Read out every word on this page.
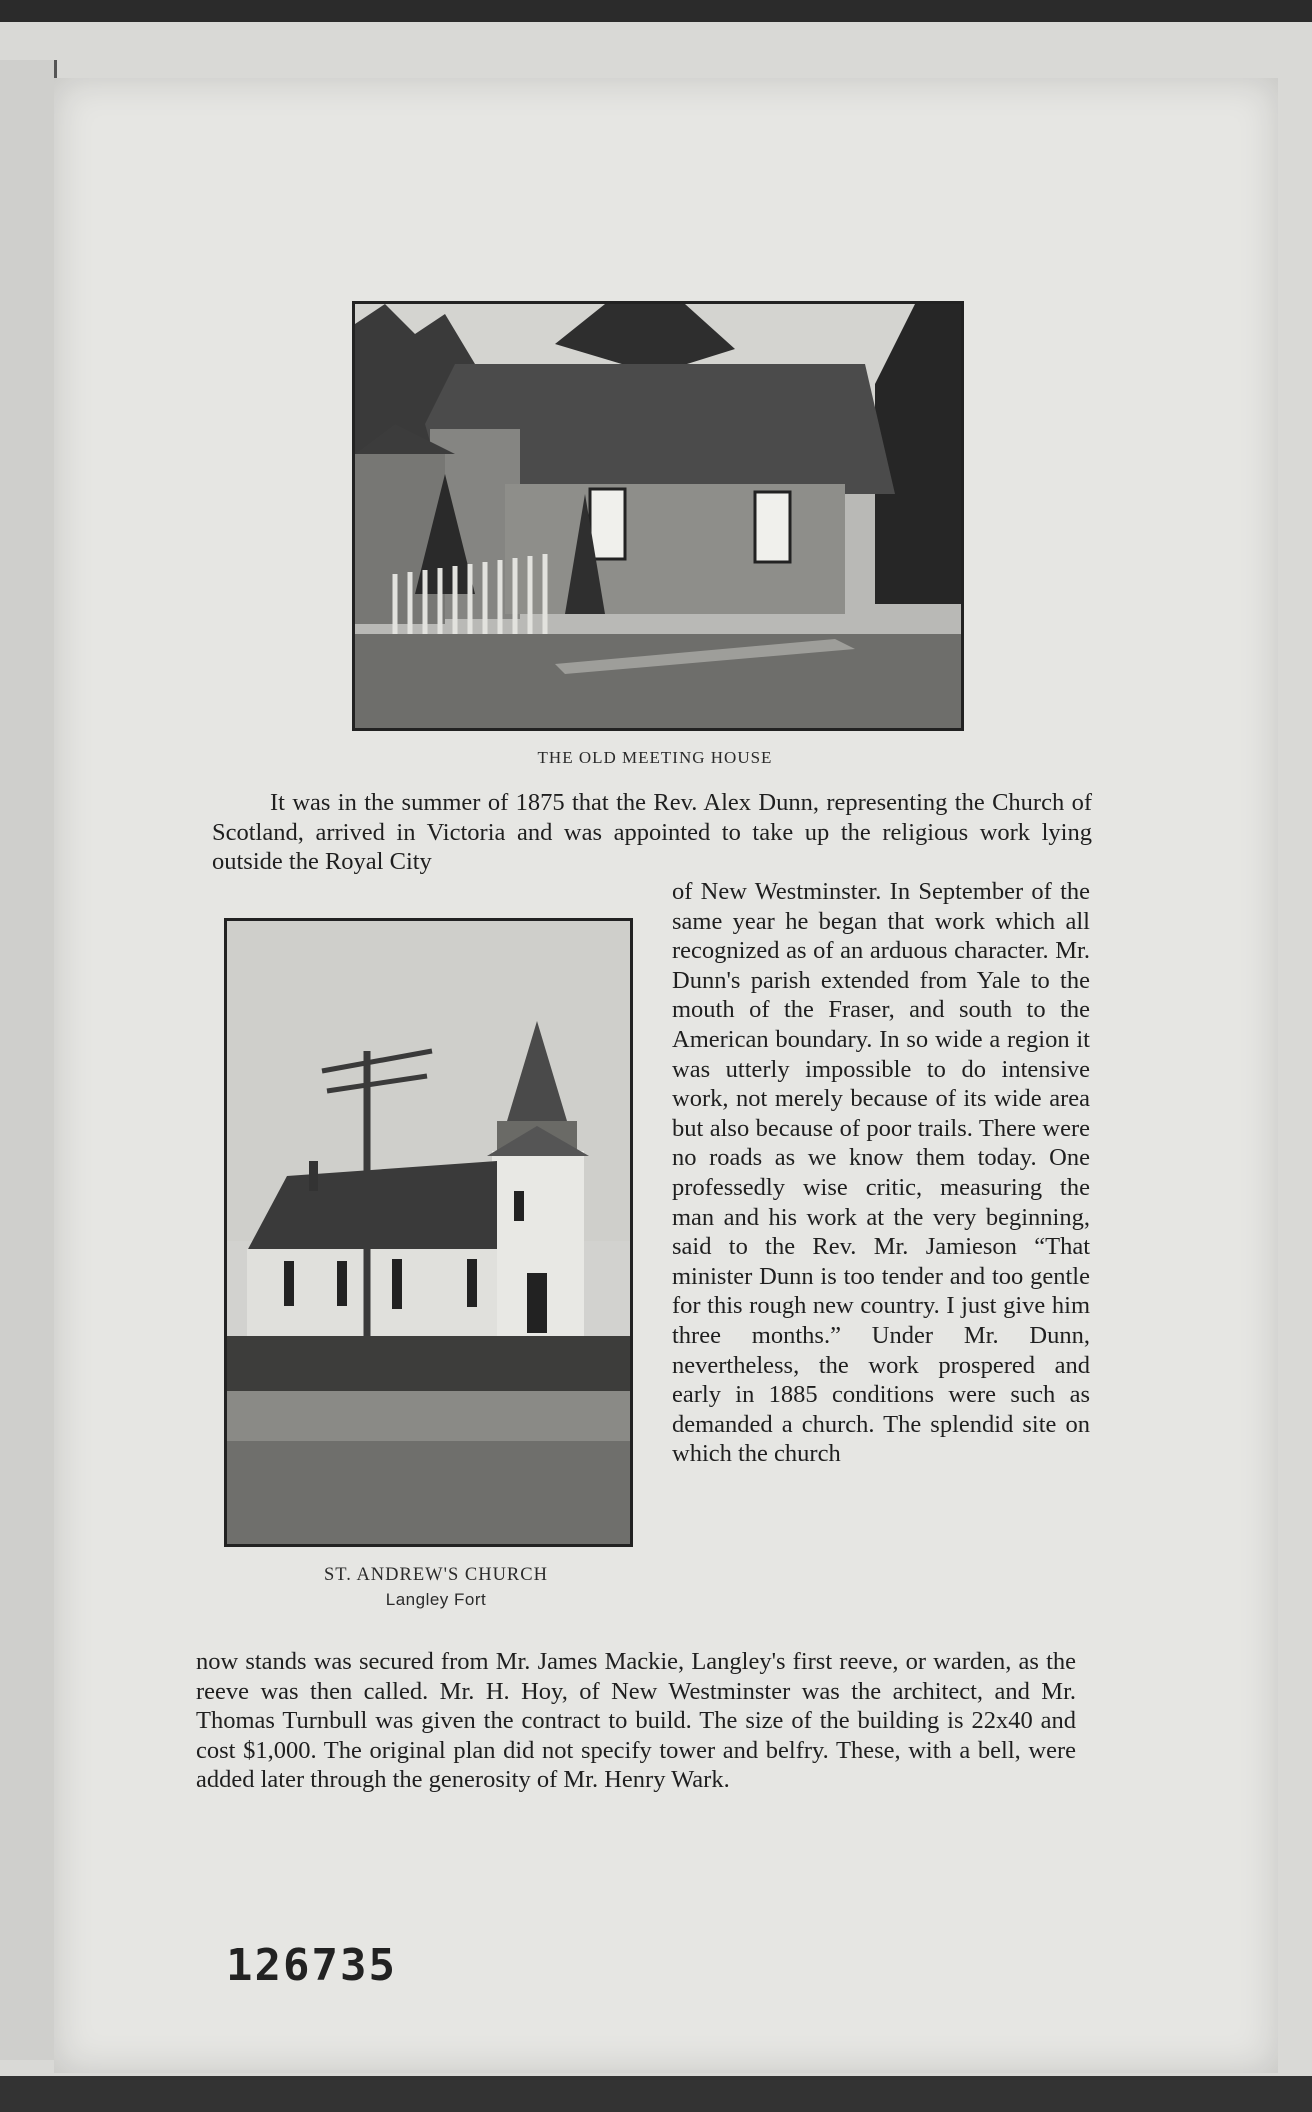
THE OLD MEETING HOUSE

It was in the summer of 1875 that the Rev. Alex Dunn, representing the Church of Scotland, arrived in Victoria and was appointed to take up the religious work lying outside the Royal City

ST. ANDREW'S CHURCH
Langley Fort

of New Westminster. In September of the same year he began that work which all recognized as of an arduous character. Mr. Dunn's parish extended from Yale to the mouth of the Fraser, and south to the American boundary. In so wide a region it was utterly impossible to do intensive work, not merely because of its wide area but also because of poor trails. There were no roads as we know them today. One professedly wise critic, measuring the man and his work at the very beginning, said to the Rev. Mr. Jamieson “That minister Dunn is too tender and too gentle for this rough new country. I just give him three months.” Under Mr. Dunn, nevertheless, the work prospered and early in 1885 conditions were such as demanded a church. The splendid site on which the church

now stands was secured from Mr. James Mackie, Langley's first reeve, or warden, as the reeve was then called. Mr. H. Hoy, of New Westminster was the architect, and Mr. Thomas Turnbull was given the contract to build. The size of the building is 22x40 and cost $1,000. The original plan did not specify tower and belfry. These, with a bell, were added later through the generosity of Mr. Henry Wark.

126735
